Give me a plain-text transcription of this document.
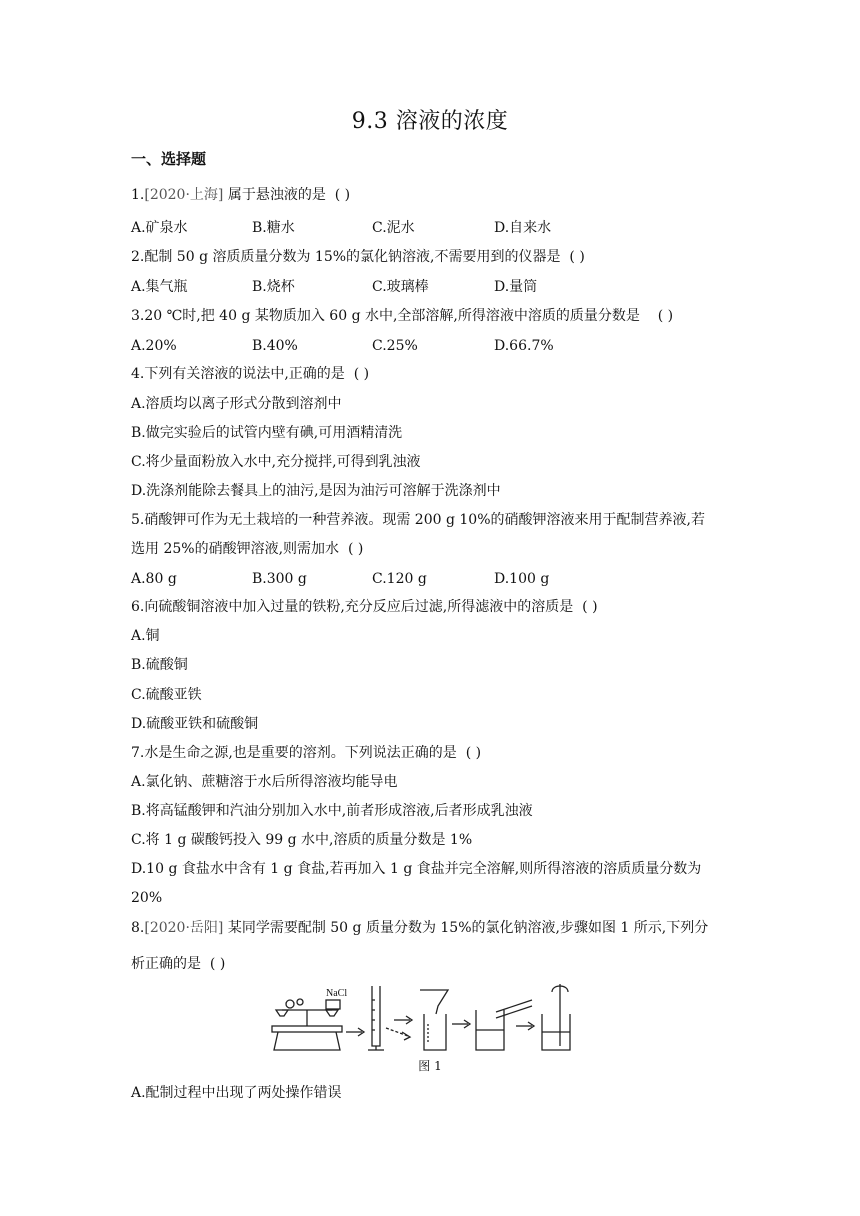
9.3 溶液的浓度
一、选择题
1.[2020·上海] 属于悬浊液的是 ( )
A.矿泉水	B.糖水	C.泥水	D.自来水
2.配制 50 g 溶质质量分数为 15%的氯化钠溶液,不需要用到的仪器是 ( )
A.集气瓶	B.烧杯	C.玻璃棒	D.量筒
3.20 ℃时,把 40 g 某物质加入 60 g 水中,全部溶解,所得溶液中溶质的质量分数是 ( )
A.20%	B.40%	C.25%	D.66.7%
4.下列有关溶液的说法中,正确的是 ( )
A.溶质均以离子形式分散到溶剂中
B.做完实验后的试管内壁有碘,可用酒精清洗
C.将少量面粉放入水中,充分搅拌,可得到乳浊液
D.洗涤剂能除去餐具上的油污,是因为油污可溶解于洗涤剂中
5.硝酸钾可作为无土栽培的一种营养液。现需 200 g 10%的硝酸钾溶液来用于配制营养液,若
选用 25%的硝酸钾溶液,则需加水 ( )
A.80 g	B.300 g	C.120 g	D.100 g
6.向硫酸铜溶液中加入过量的铁粉,充分反应后过滤,所得滤液中的溶质是 ( )
A.铜
B.硫酸铜
C.硫酸亚铁
D.硫酸亚铁和硫酸铜
7.水是生命之源,也是重要的溶剂。下列说法正确的是 ( )
A.氯化钠、蔗糖溶于水后所得溶液均能导电
B.将高锰酸钾和汽油分别加入水中,前者形成溶液,后者形成乳浊液
C.将 1 g 碳酸钙投入 99 g 水中,溶质的质量分数是 1%
D.10 g 食盐水中含有 1 g 食盐,若再加入 1 g 食盐并完全溶解,则所得溶液的溶质质量分数为
20%
8.[2020·岳阳] 某同学需要配制 50 g 质量分数为 15%的氯化钠溶液,步骤如图 1 所示,下列分
析正确的是 ( )
NaCl
图 1
A.配制过程中出现了两处操作错误
